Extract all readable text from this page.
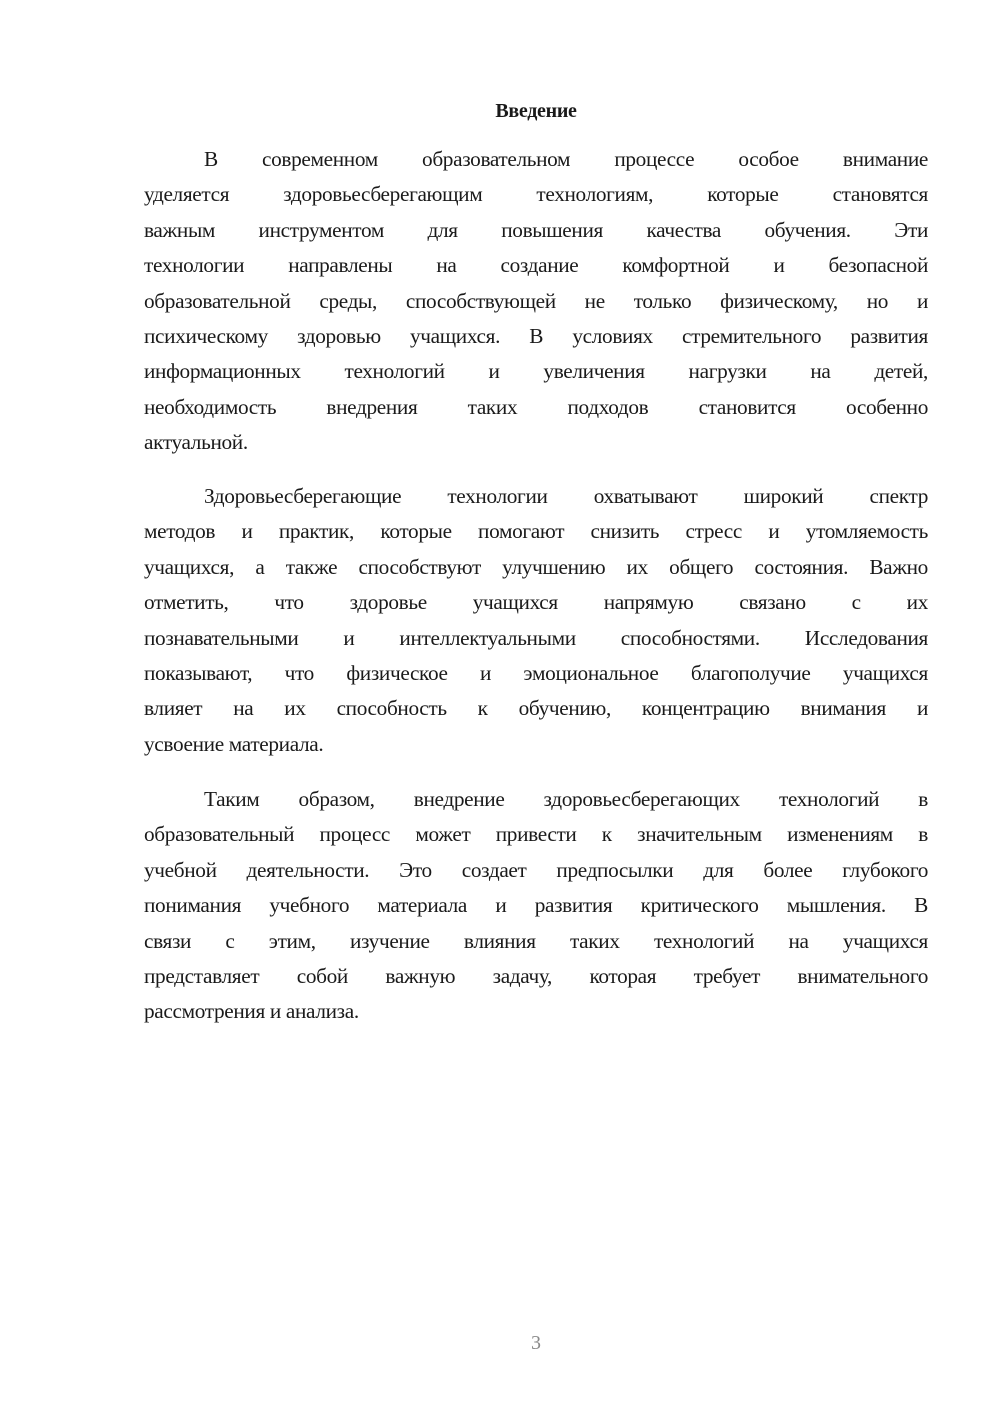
Введение
В современном образовательном процессе особое внимание
уделяется здоровьесберегающим технологиям, которые становятся
важным инструментом для повышения качества обучения. Эти
технологии направлены на создание комфортной и безопасной
образовательной среды, способствующей не только физическому, но и
психическому здоровью учащихся. В условиях стремительного развития
информационных технологий и увеличения нагрузки на детей,
необходимость внедрения таких подходов становится особенно
актуальной.
Здоровьесберегающие технологии охватывают широкий спектр
методов и практик, которые помогают снизить стресс и утомляемость
учащихся, а также способствуют улучшению их общего состояния. Важно
отметить, что здоровье учащихся напрямую связано с их
познавательными и интеллектуальными способностями. Исследования
показывают, что физическое и эмоциональное благополучие учащихся
влияет на их способность к обучению, концентрацию внимания и
усвоение материала.
Таким образом, внедрение здоровьесберегающих технологий в
образовательный процесс может привести к значительным изменениям в
учебной деятельности. Это создает предпосылки для более глубокого
понимания учебного материала и развития критического мышления. В
связи с этим, изучение влияния таких технологий на учащихся
представляет собой важную задачу, которая требует внимательного
рассмотрения и анализа.
3
